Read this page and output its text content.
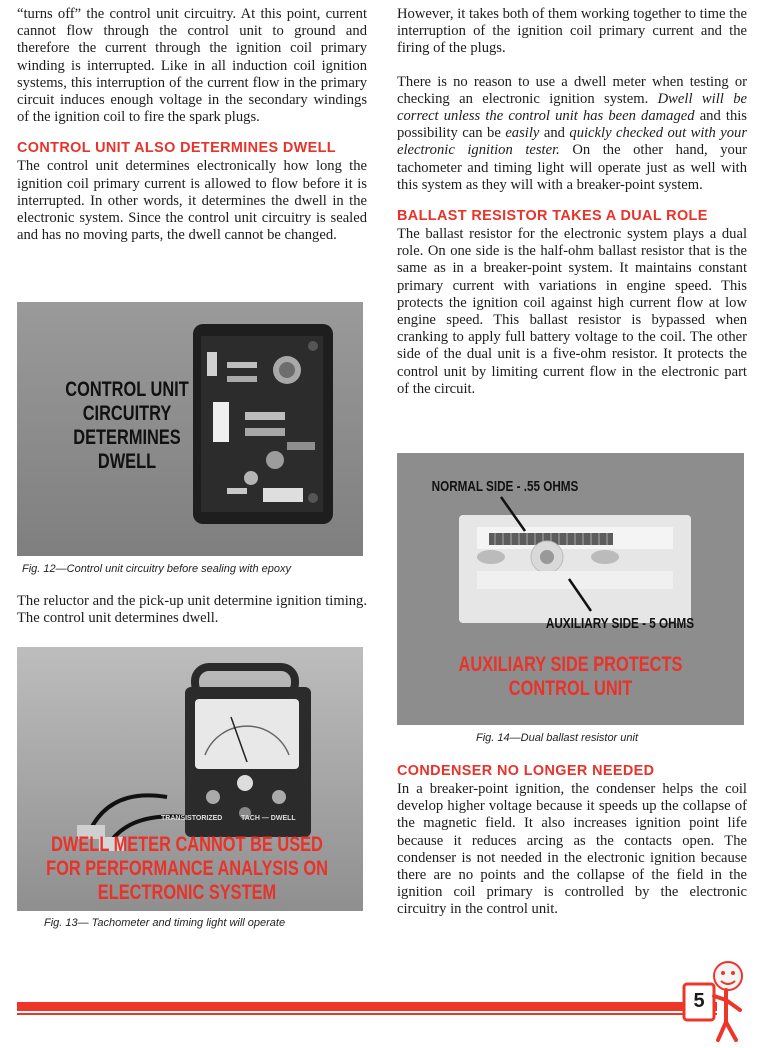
“turns off” the control unit circuitry. At this point, current cannot flow through the control unit to ground and therefore the current through the ignition coil primary winding is interrupted. Like in all induction coil ignition systems, this interruption of the current flow in the primary circuit induces enough voltage in the secondary windings of the ignition coil to fire the spark plugs.

CONTROL UNIT ALSO DETERMINES DWELL

The control unit determines electronically how long the ignition coil primary current is allowed to flow before it is interrupted. In other words, it determines the dwell in the electronic system. Since the control unit circuitry is sealed and has no moving parts, the dwell cannot be changed.

CONTROL UNIT
CIRCUITRY
DETERMINES
DWELL
Fig. 12—Control unit circuitry before sealing with epoxy

The reluctor and the pick-up unit determine ignition timing. The control unit determines dwell.

TRANSISTORIZED	TACH — DWELL
DWELL METER CANNOT BE USED
FOR PERFORMANCE ANALYSIS ON
ELECTRONIC SYSTEM
Fig. 13— Tachometer and timing light will operate

However, it takes both of them working together to time the interruption of the ignition coil primary current and the firing of the plugs.

There is no reason to use a dwell meter when testing or checking an electronic ignition system. Dwell will be correct unless the control unit has been damaged and this possibility can be easily and quickly checked out with your electronic ignition tester. On the other hand, your tachometer and timing light will operate just as well with this system as they will with a breaker-point system.

BALLAST RESISTOR TAKES A DUAL ROLE

The ballast resistor for the electronic system plays a dual role. On one side is the half-ohm ballast resistor that is the same as in a breaker-point system. It maintains constant primary current with variations in engine speed. This protects the ignition coil against high current flow at low engine speed. This ballast resistor is bypassed when cranking to apply full battery voltage to the coil. The other side of the dual unit is a five-ohm resistor. It protects the control unit by limiting current flow in the electronic part of the circuit.

NORMAL SIDE - .55 OHMS
AUXILIARY SIDE - 5 OHMS
AUXILIARY SIDE PROTECTS
CONTROL UNIT
Fig. 14—Dual ballast resistor unit
CONDENSER NO LONGER NEEDED

In a breaker-point ignition, the condenser helps the coil develop higher voltage because it speeds up the collapse of the magnetic field. It also increases ignition point life because it reduces arcing as the contacts open. The condenser is not needed in the electronic ignition because there are no points and the collapse of the field in the ignition coil primary is controlled by the electronic circuitry in the control unit.

5
